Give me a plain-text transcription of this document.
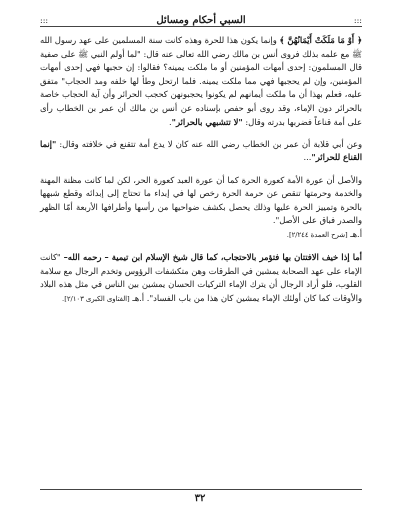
:::
السبي أحكام ومسائل
:::

﴿ أَوْ مَا مَلَكَتْ أَيْمَانُهُنَّ ﴾ وإنما يكون هذا للحرة وهذه كانت سنة المسلمين على عهد رسول الله ﷺ مع علمه بذلك فروى أنس بن مالك رضي الله تعالى عنه قال: "لما أولم النبي ﷺ على صفية قال المسلمون: إحدى أمهات المؤمنين أو ما ملكت يمينه؟ فقالوا: إن حجبها فهي إحدى أمهات المؤمنين، وإن لم يحجبها فهي مما ملكت يمينه. فلما ارتحل وطأ لها خلفه ومد الحجاب" متفق عليه، فعلم بهذا أن ما ملكت أيمانهم لم يكونوا يحجبونهن كحجب الحرائر وأن آية الحجاب خاصة بالحرائر دون الإماء، وقد روى أبو حفص بإسناده عن أنس بن مالك أن عمر بن الخطاب رأى على أمة قناعاً فضربها بدرته وقال: "لا تتشبهي بالحرائر".

وعن أبي قلابة أن عمر بن الخطاب رضي الله عنه كان لا يدع أمة تتقنع في خلافته وقال: "إنما القناع للحرائر"...

والأصل أن عورة الأمة كعورة الحرة كما أن عورة العبد كعورة الحر، لكن لما كانت مظنة المهنة والخدمة وحرمتها تنقص عن حرمة الحرة رخص لها في إبداء ما تحتاج إلى إبدائه وقطع شبهها بالحرة وتمييز الحرة عليها وذلك يحصل بكشف ضواحيها من رأسها وأطرافها الأربعة أمّا الظهر والصدر فباق على الأصل".
أ.هـ [شرح العمدة ٢/٢٤٤].

أما إذا خيف الافتتان بها فتؤمر بالاحتجاب، كما قال شيخ الإسلام ابن تيمية – رحمه الله– "كانت الإماء على عهد الصحابة يمشين في الطرقات وهن متكشفات الرؤوس وتخدم الرجال مع سلامة القلوب، فلو أراد الرجال أن يترك الإماء التركيات الحسان يمشين بين الناس في مثل هذه البلاد والأوقات كما كان أولئك الإماء يمشين كان هذا من باب الفساد". أ.هـ [الفتاوى الكبرى ٢/١٠٣].

٣٢
